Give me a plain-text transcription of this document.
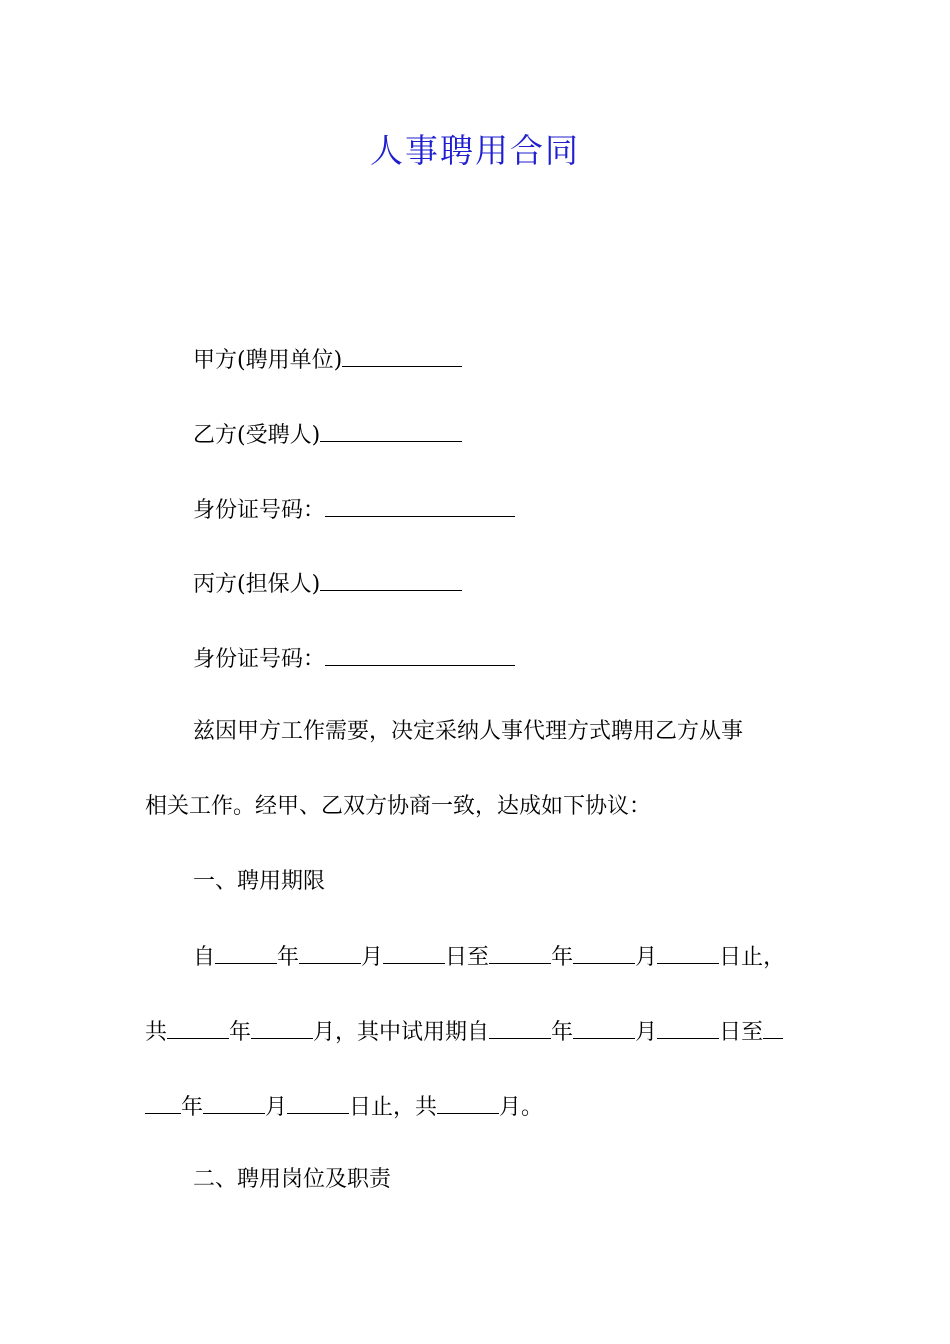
人事聘用合同
甲方(聘用单位)
乙方(受聘人)
身份证号码：
丙方(担保人)
身份证号码：
兹因甲方工作需要，决定采纳人事代理方式聘用乙方从事
相关工作。经甲、乙双方协商一致，达成如下协议：
一、聘用期限
自	年	月	日至	年	月	日止，
共	年	月，其中试用期自	年	月	日至
年	月	日止，共	月。
二、聘用岗位及职责
